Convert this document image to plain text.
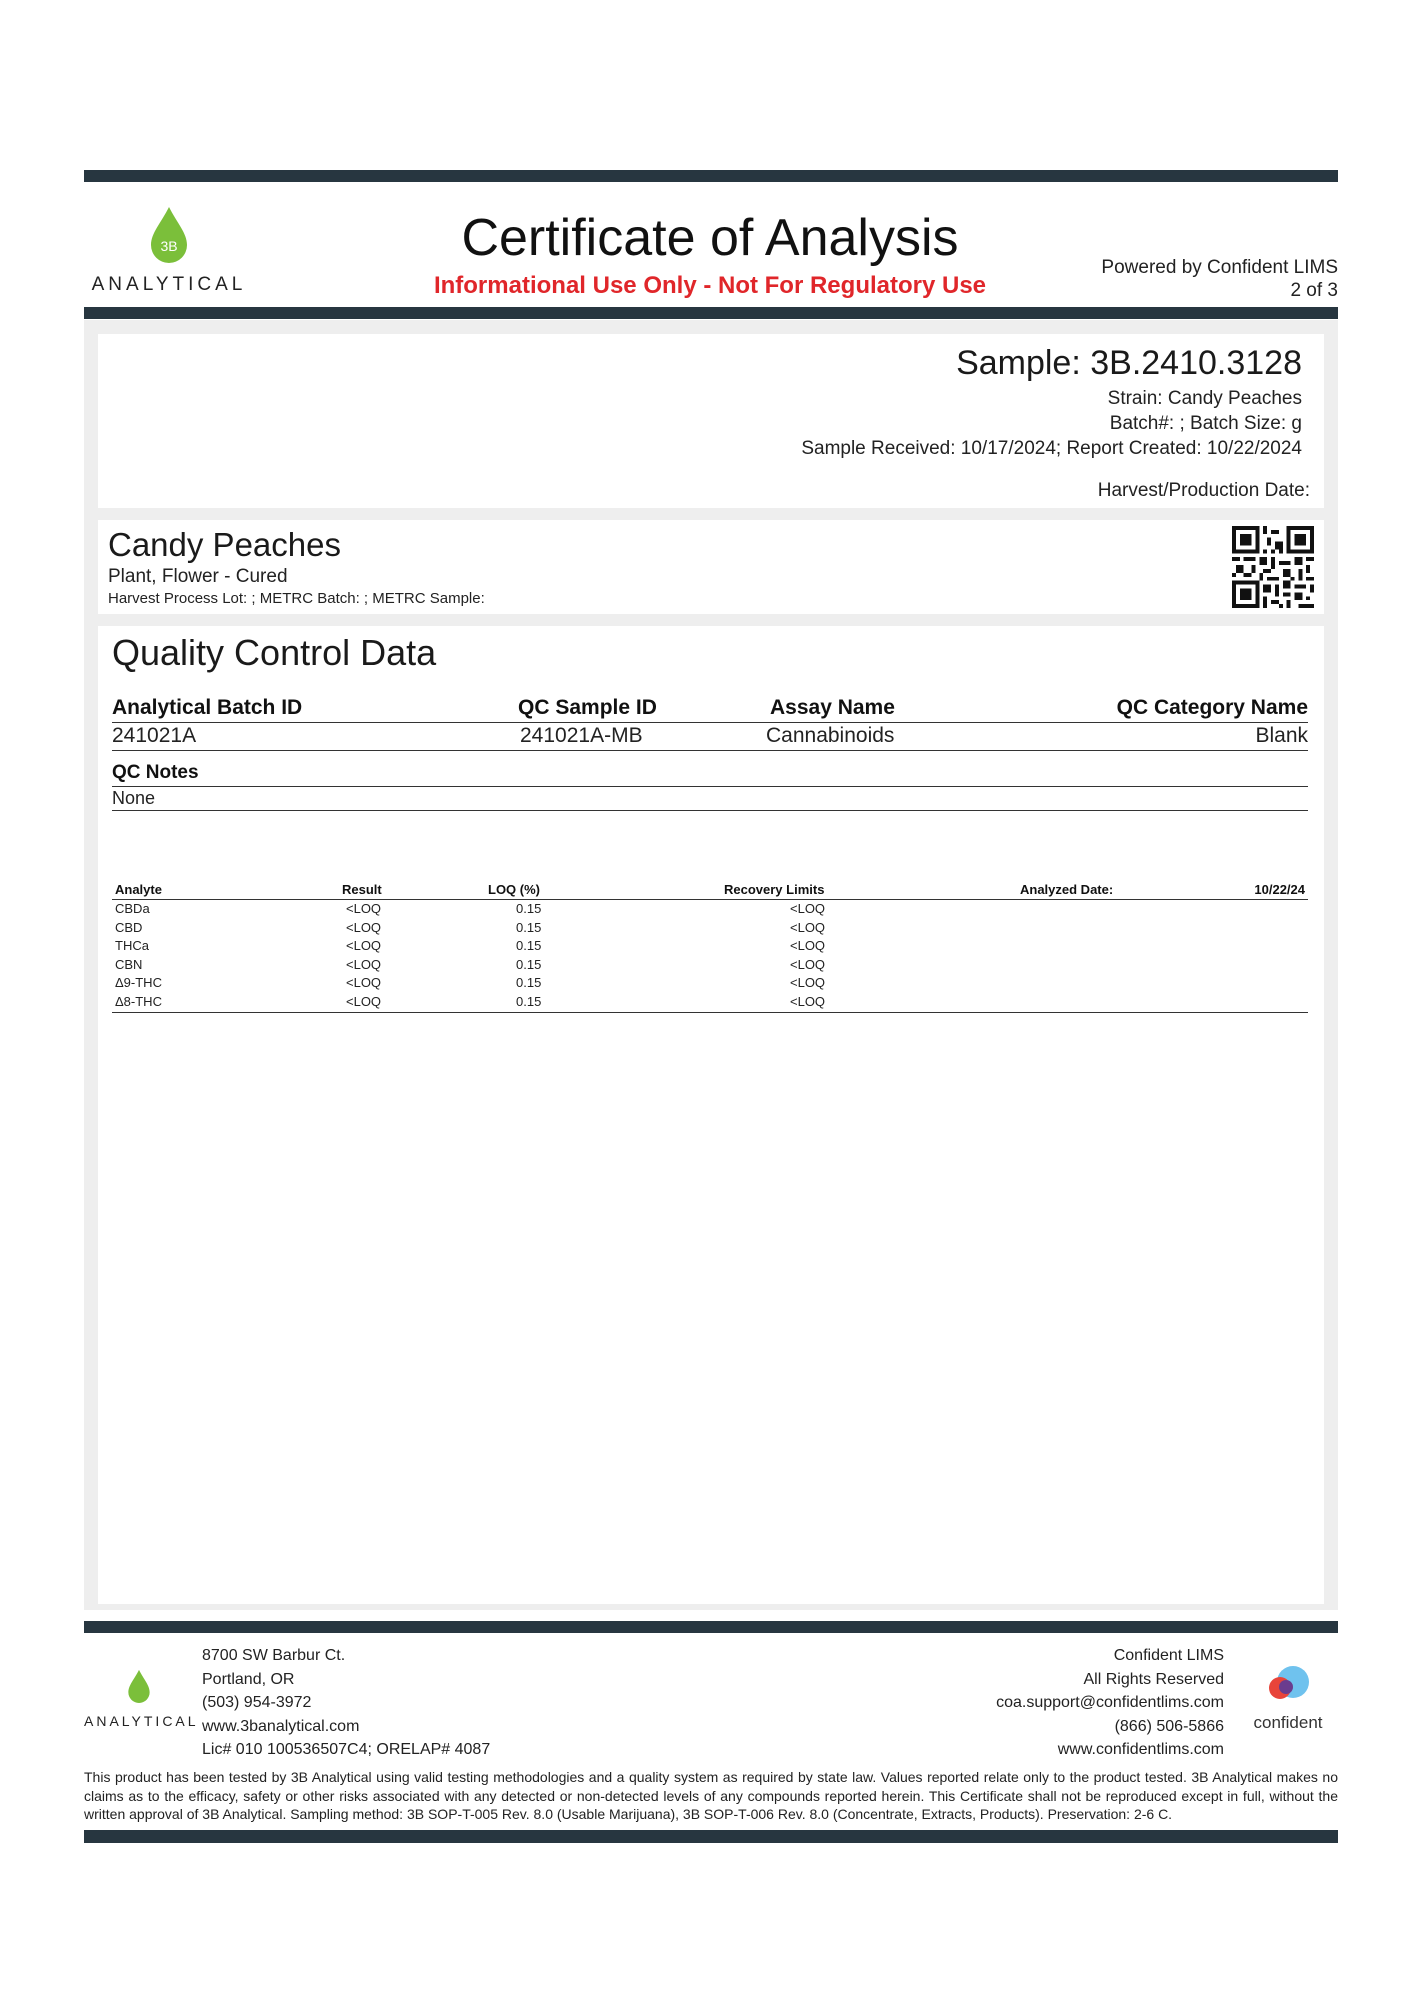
3B
ANALYTICAL
Certificate of Analysis
Informational Use Only - Not For Regulatory Use
Powered by Confident LIMS
2 of 3
Sample: 3B.2410.3128
Strain: Candy Peaches
Batch#: ; Batch Size: g
Sample Received: 10/17/2024; Report Created: 10/22/2024
Harvest/Production Date:
Candy Peaches
Plant, Flower - Cured
Harvest Process Lot: ; METRC Batch: ; METRC Sample:
Quality Control Data
Analytical Batch ID	QC Sample ID	Assay Name	QC Category Name
241021A	241021A-MB	Cannabinoids	Blank
QC Notes
None
Analyte	Result	LOQ (%)	Recovery Limits	Analyzed Date:	10/22/24
CBDa	<LOQ	0.15	<LOQ
CBD	<LOQ	0.15	<LOQ
THCa	<LOQ	0.15	<LOQ
CBN	<LOQ	0.15	<LOQ
Δ9-THC	<LOQ	0.15	<LOQ
Δ8-THC	<LOQ	0.15	<LOQ
ANALYTICAL
8700 SW Barbur Ct.
Portland, OR
(503) 954-3972
www.3banalytical.com
Lic# 010 100536507C4; ORELAP# 4087
Confident LIMS
All Rights Reserved
coa.support@confidentlims.com
(866) 506-5866
www.confidentlims.com
confident
This product has been tested by 3B Analytical using valid testing methodologies and a quality system as required by state law. Values reported relate only to the product tested. 3B Analytical makes no claims as to the efficacy, safety or other risks associated with any detected or non-detected levels of any compounds reported herein. This Certificate shall not be reproduced except in full, without the written approval of 3B Analytical. Sampling method: 3B SOP-T-005 Rev. 8.0 (Usable Marijuana), 3B SOP-T-006 Rev. 8.0 (Concentrate, Extracts, Products). Preservation: 2-6 C.
